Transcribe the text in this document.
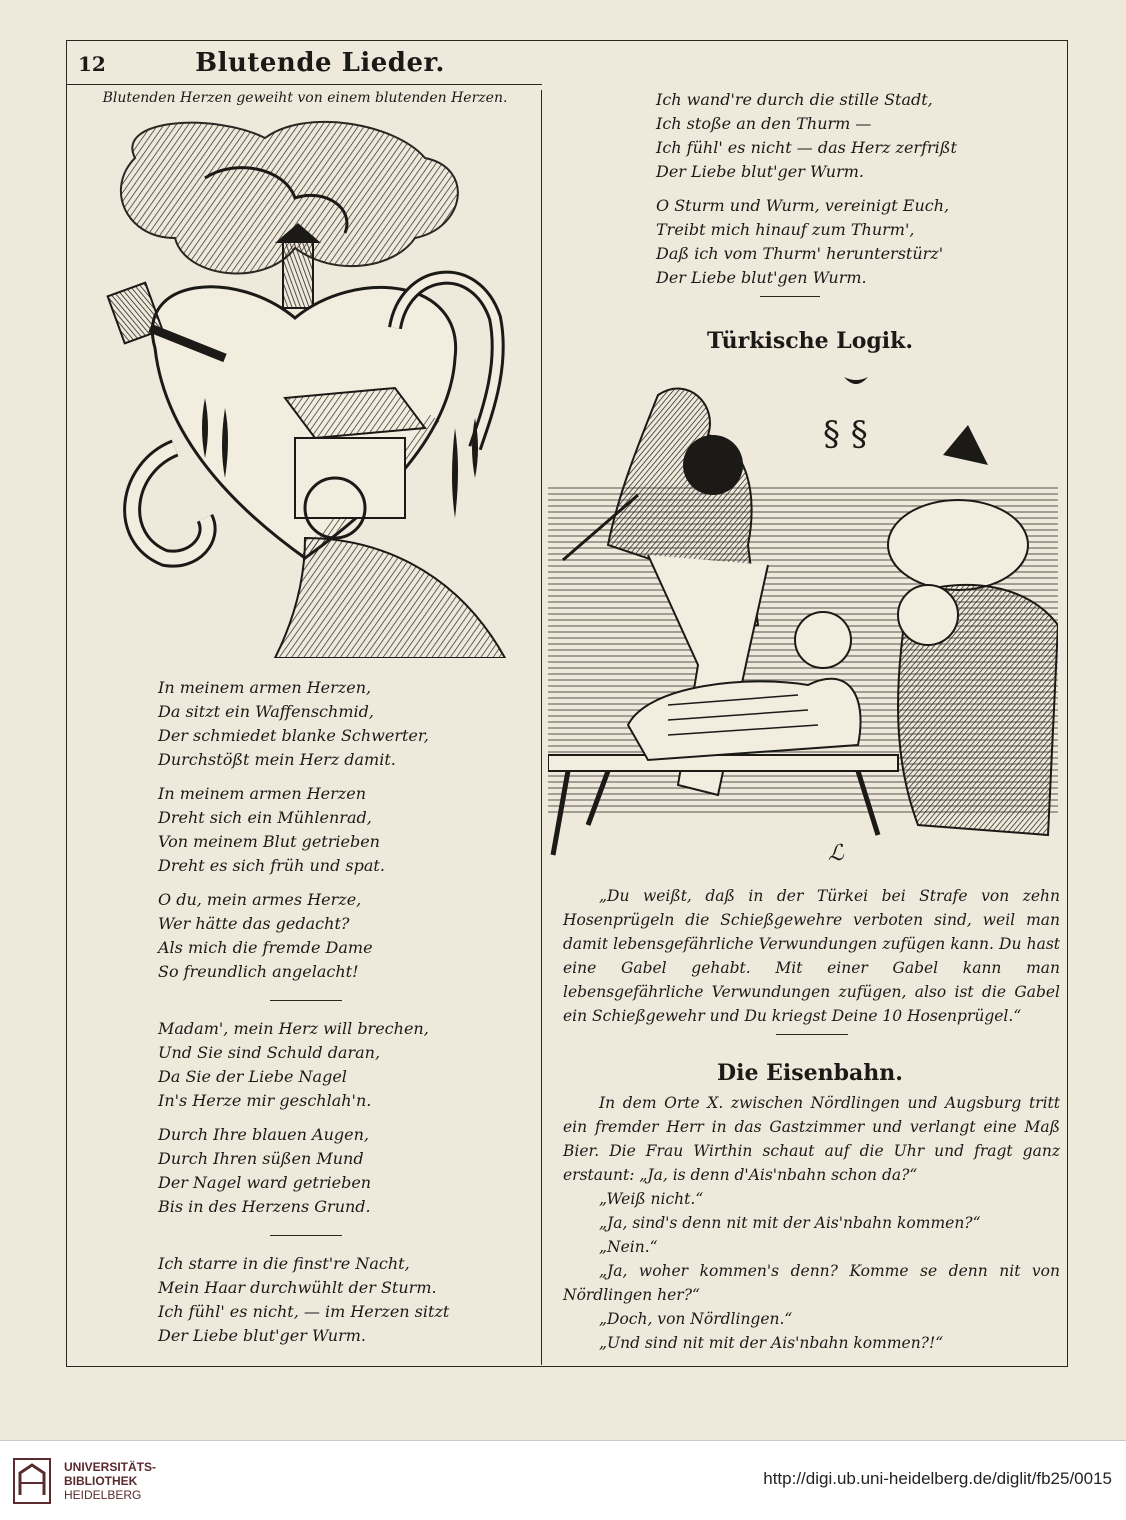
12	Blutende Lieder.
Blutenden Herzen geweiht von einem blutenden Herzen.
In meinem armen Herzen,
Da sitzt ein Waffenschmid,
Der schmiedet blanke Schwerter,
Durchstößt mein Herz damit.
In meinem armen Herzen
Dreht sich ein Mühlenrad,
Von meinem Blut getrieben
Dreht es sich früh und spat.
O du, mein armes Herze,
Wer hätte das gedacht?
Als mich die fremde Dame
So freundlich angelacht!
Madam', mein Herz will brechen,
Und Sie sind Schuld daran,
Da Sie der Liebe Nagel
In's Herze mir geschlah'n.
Durch Ihre blauen Augen,
Durch Ihren süßen Mund
Der Nagel ward getrieben
Bis in des Herzens Grund.
Ich starre in die finst're Nacht,
Mein Haar durchwühlt der Sturm.
Ich fühl' es nicht, — im Herzen sitzt
Der Liebe blut'ger Wurm.
Ich wand're durch die stille Stadt,
Ich stoße an den Thurm —
Ich fühl' es nicht — das Herz zerfrißt
Der Liebe blut'ger Wurm.
O Sturm und Wurm, vereinigt Euch,
Treibt mich hinauf zum Thurm',
Daß ich vom Thurm' herunterstürz'
Der Liebe blut'gen Wurm.
Türkische Logik.
§ §
ℒ

„Du weißt, daß in der Türkei bei Strafe von zehn Hosenprügeln die Schießgewehre verboten sind, weil man damit lebensgefährliche Verwundungen zufügen kann. Du hast eine Gabel gehabt. Mit einer Gabel kann man lebensgefährliche Verwundungen zufügen, also ist die Gabel ein Schießgewehr und Du kriegst Deine 10 Hosenprügel.“

Die Eisenbahn.

In dem Orte X. zwischen Nördlingen und Augsburg tritt ein fremder Herr in das Gastzimmer und verlangt eine Maß Bier. Die Frau Wirthin schaut auf die Uhr und fragt ganz erstaunt: „Ja, is denn d'Ais'nbahn schon da?“

„Weiß nicht.“

„Ja, sind's denn nit mit der Ais'nbahn kommen?“

„Nein.“

„Ja, woher kommen's denn? Komme se denn nit von Nördlingen her?“

„Doch, von Nördlingen.“

„Und sind nit mit der Ais'nbahn kommen?!“

UNIVERSITÄTS-
BIBLIOTHEK
HEIDELBERG
http://digi.ub.uni-heidelberg.de/diglit/fb25/0015
